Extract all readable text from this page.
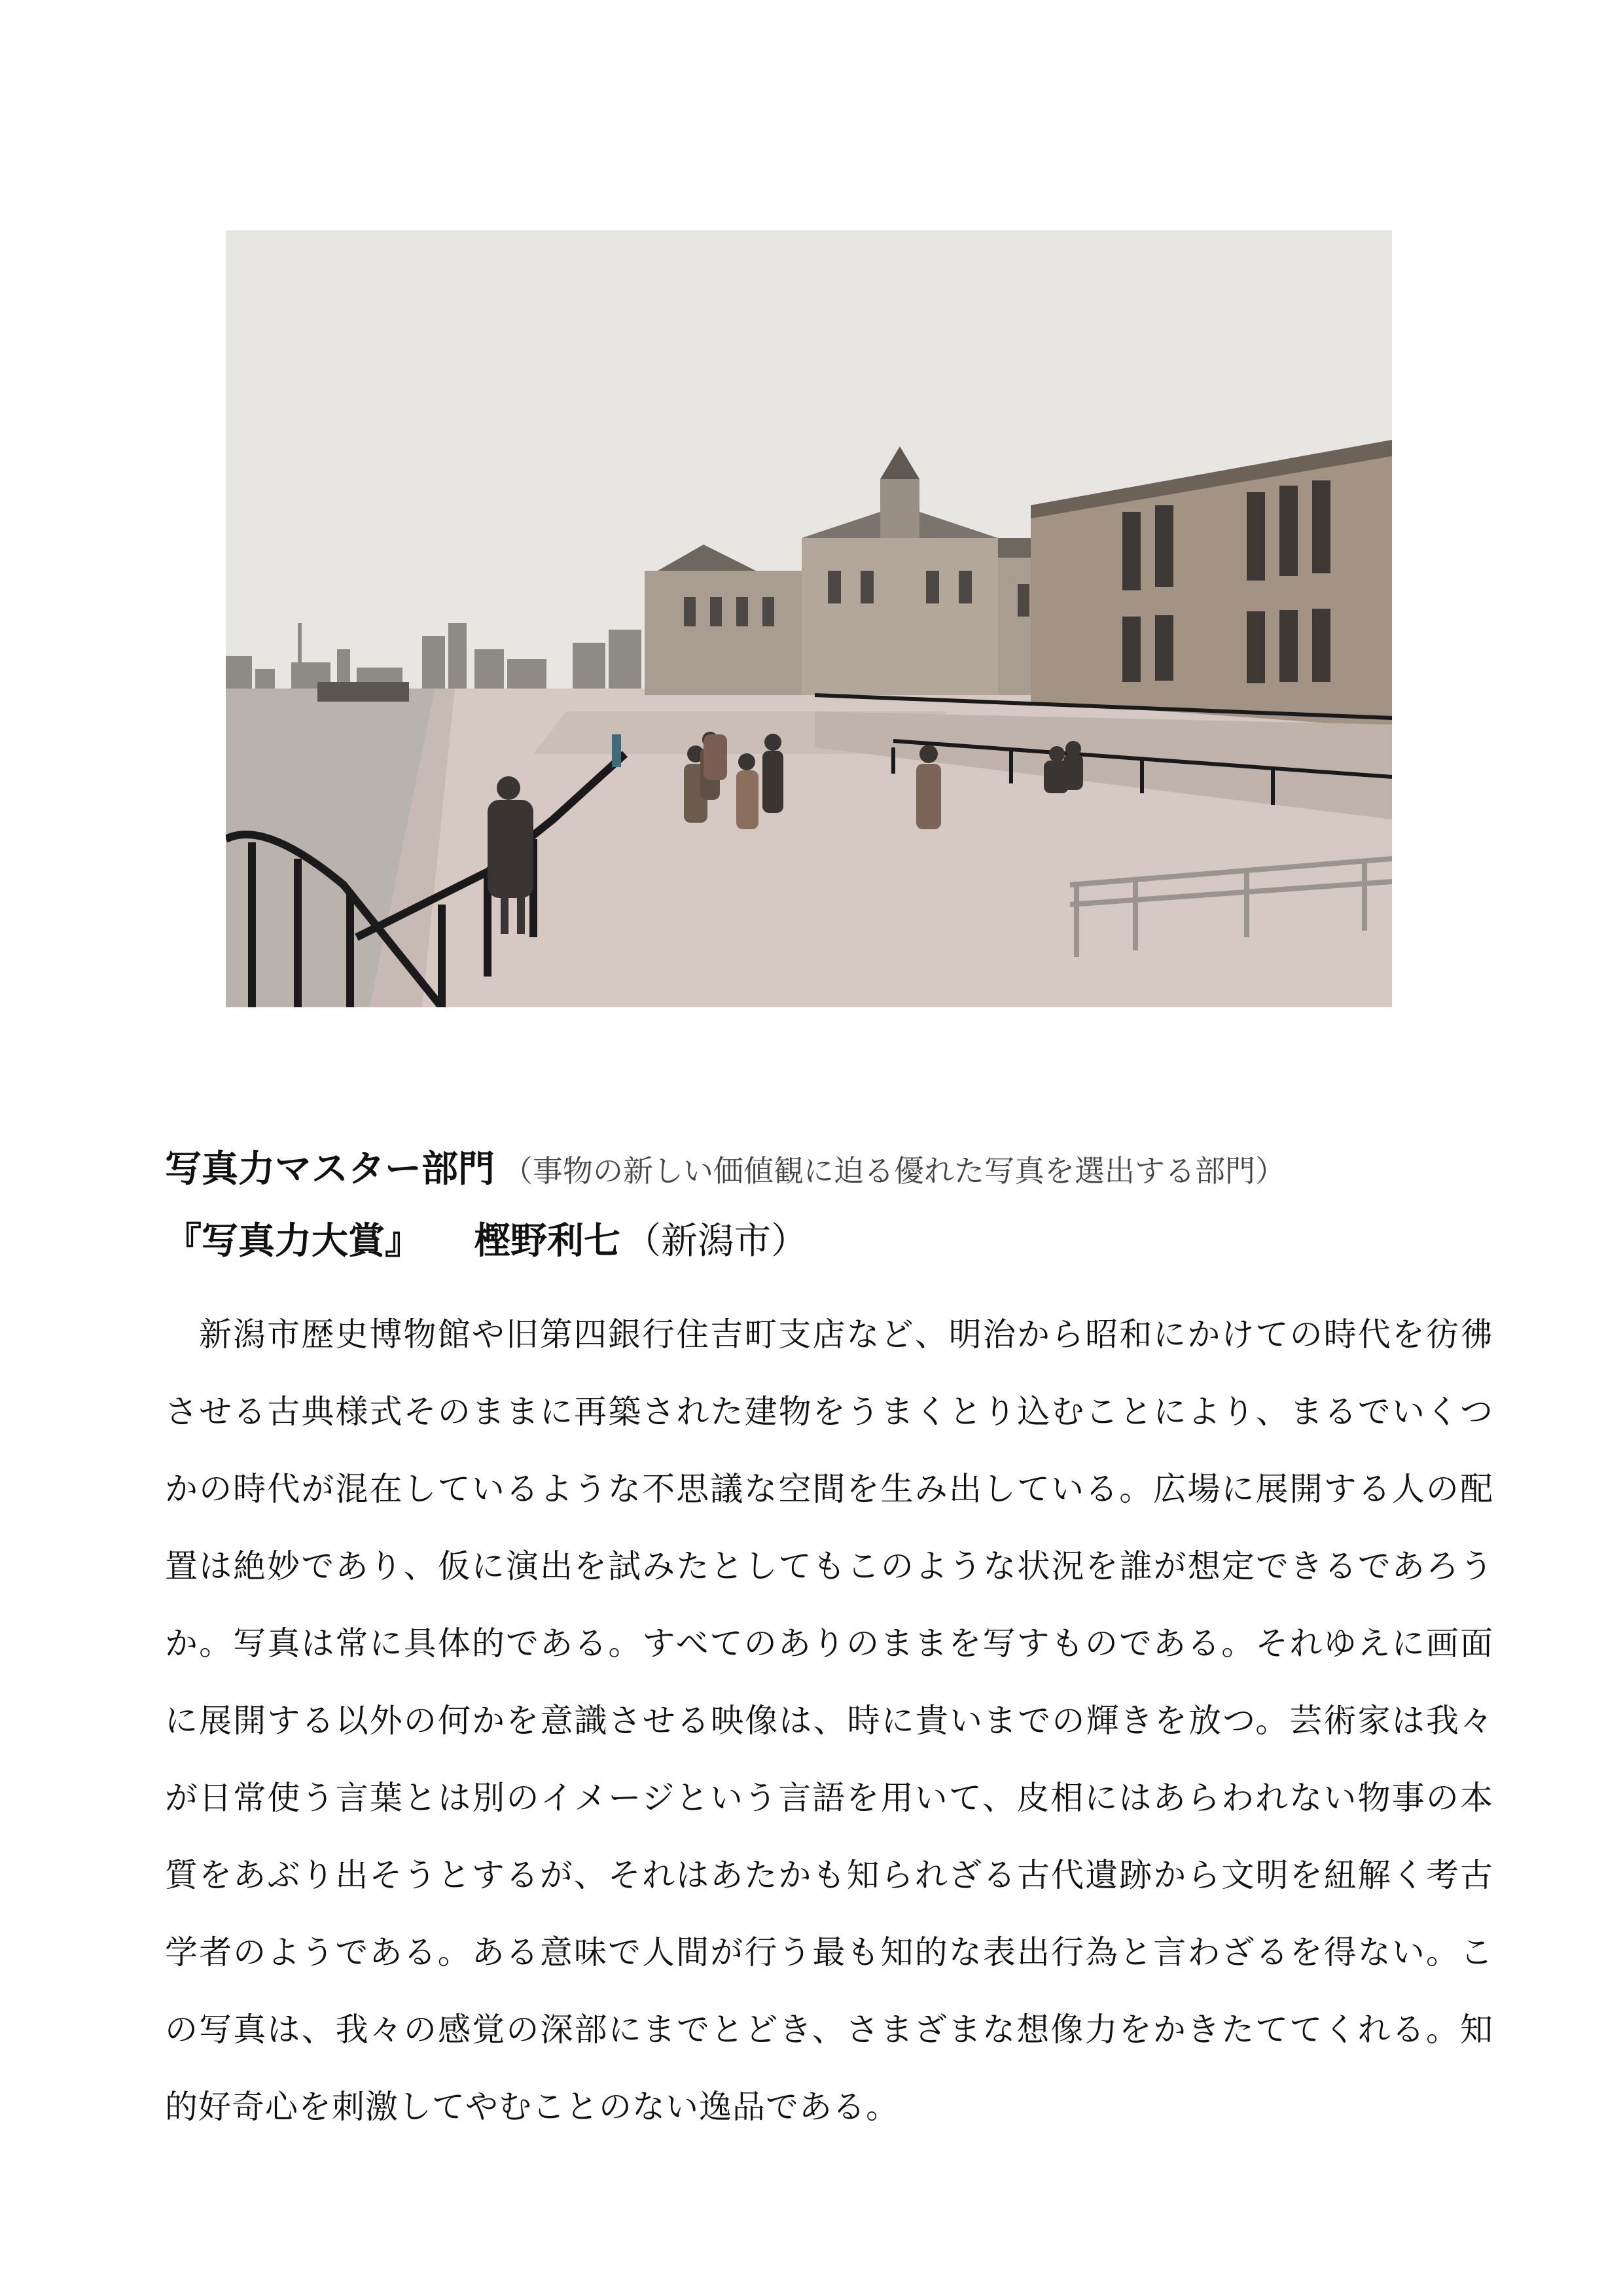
写真力マスター部門 （事物の新しい価値観に迫る優れた写真を選出する部門）
『写真力大賞』 樫野利七 （新潟市）

新潟市歴史博物館や旧第四銀行住吉町支店など、明治から昭和にかけての時代を彷彿させる古典様式そのままに再築された建物をうまくとり込むことにより、まるでいくつかの時代が混在しているような不思議な空間を生み出している。広場に展開する人の配置は絶妙であり、仮に演出を試みたとしてもこのような状況を誰が想定できるであろうか。写真は常に具体的である。すべてのありのままを写すものである。それゆえに画面に展開する以外の何かを意識させる映像は、時に貴いまでの輝きを放つ。芸術家は我々が日常使う言葉とは別のイメージという言語を用いて、皮相にはあらわれない物事の本質をあぶり出そうとするが、それはあたかも知られざる古代遺跡から文明を紐解く考古学者のようである。ある意味で人間が行う最も知的な表出行為と言わざるを得ない。この写真は、我々の感覚の深部にまでとどき、さまざまな想像力をかきたててくれる。知的好奇心を刺激してやむことのない逸品である。
